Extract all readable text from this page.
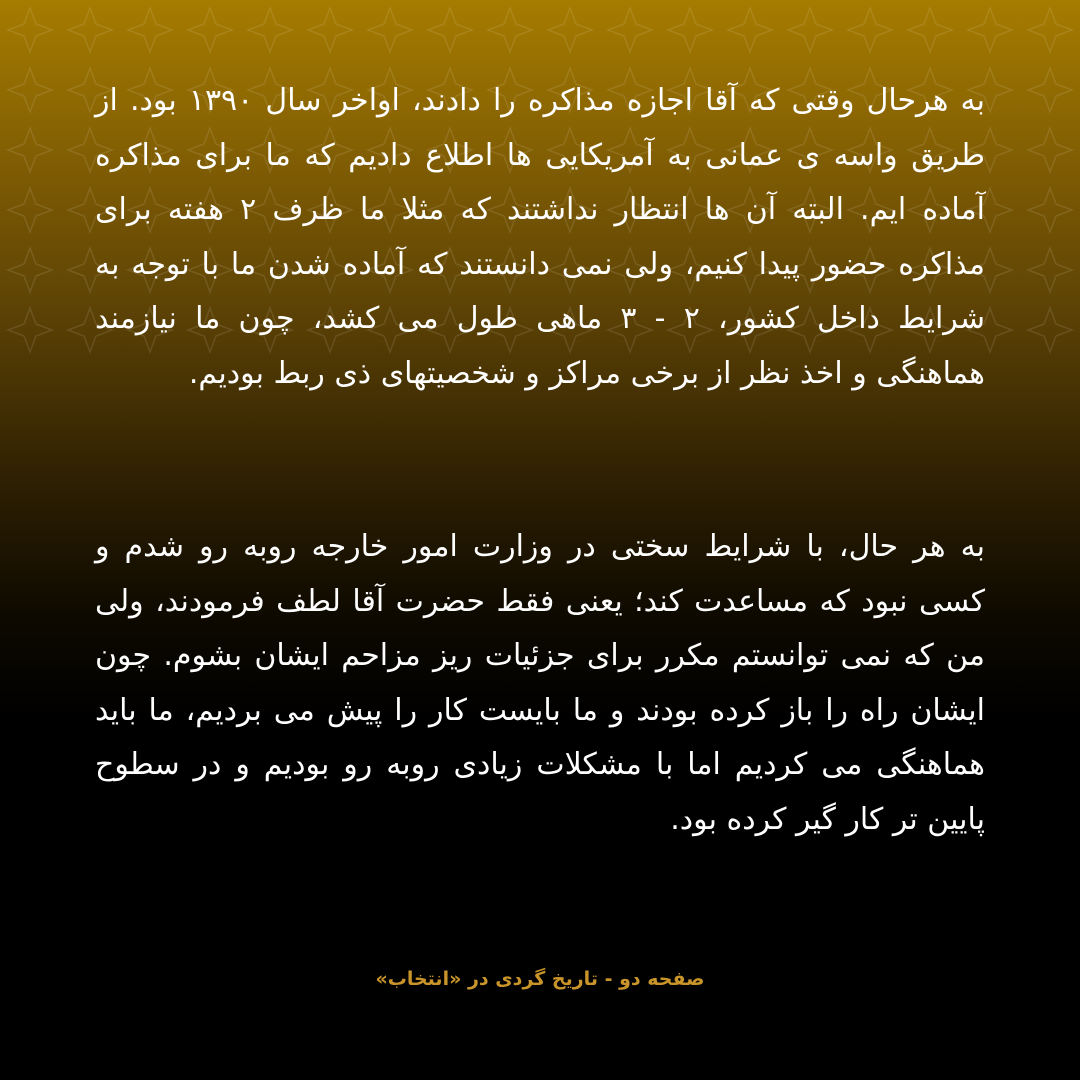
به هرحال وقتی که آقا اجازه مذاکره را دادند، اواخر سال ۱۳۹۰ بود. از طریق واسه ی عمانی به آمریکایی ها اطلاع دادیم که ما برای مذاکره آماده ایم. البته آن ها انتظار نداشتند که مثلا ما ظرف ۲ هفته برای مذاکره حضور پیدا کنیم، ولی نمی دانستند که آماده شدن ما با توجه به شرایط داخل کشور، ۲ - ۳ ماهی طول می کشد، چون ما نیازمند هماهنگی و اخذ نظر از برخی مراکز و شخصیتهای ذی ربط بودیم.

به هر حال، با شرایط سختی در وزارت امور خارجه روبه رو شدم و کسی نبود که مساعدت کند؛ یعنی فقط حضرت آقا لطف فرمودند، ولی من که نمی توانستم مکرر برای جزئیات ریز مزاحم ایشان بشوم. چون ایشان راه را باز کرده بودند و ما بایست کار را پیش می بردیم، ما باید هماهنگی می کردیم اما با مشکلات زیادی روبه رو بودیم و در سطوح پایین تر کار گیر کرده بود.

صفحه دو - تاریخ گردی در «انتخاب»
